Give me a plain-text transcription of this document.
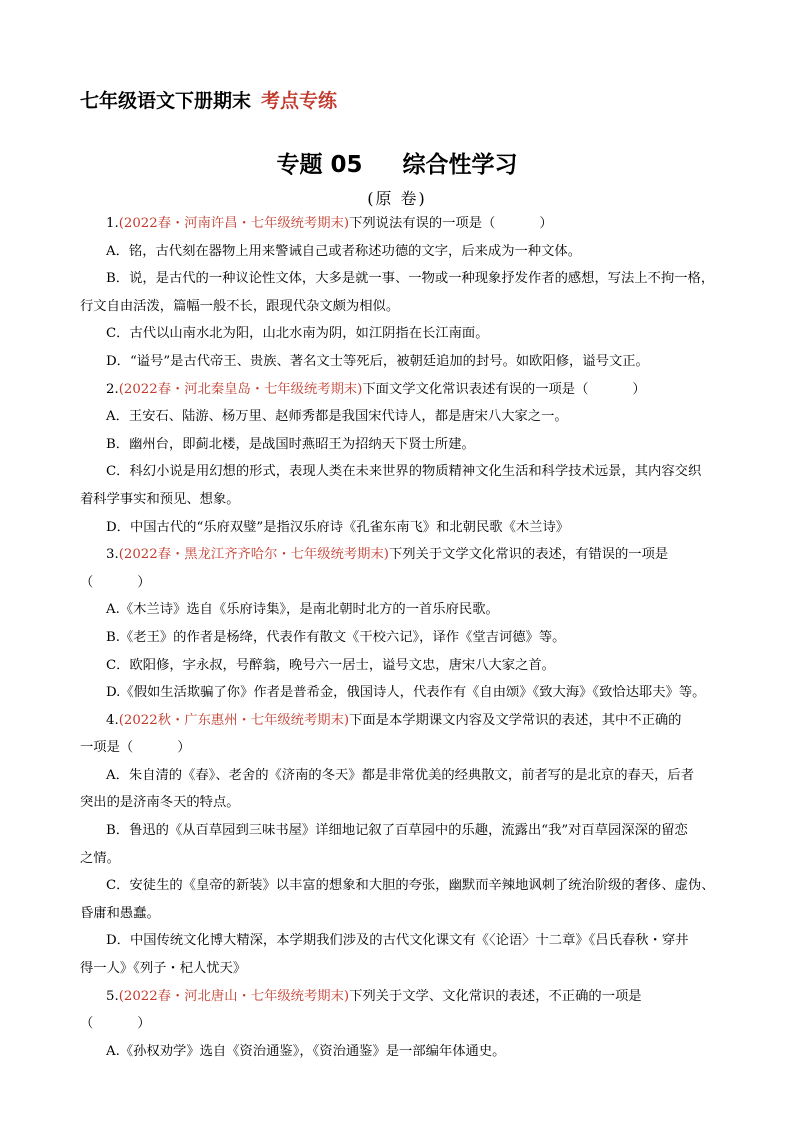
七年级语文下册期末 考点专练
专题 05 综合性学习
(原 卷)
1.(2022春・河南许昌・七年级统考期末)下列说法有误的一项是（	）
A．铭，古代刻在器物上用来警诫自己或者称述功德的文字，后来成为一种文体。
B．说，是古代的一种议论性文体，大多是就一事、一物或一种现象抒发作者的感想，写法上不拘一格，
行文自由活泼，篇幅一般不长，跟现代杂文颇为相似。
C．古代以山南水北为阳，山北水南为阴，如江阴指在长江南面。
D．“谥号”是古代帝王、贵族、著名文士等死后，被朝廷追加的封号。如欧阳修，谥号文正。
2.(2022春・河北秦皇岛・七年级统考期末)下面文学文化常识表述有误的一项是（	）
A．王安石、陆游、杨万里、赵师秀都是我国宋代诗人，都是唐宋八大家之一。
B．幽州台，即蓟北楼，是战国时燕昭王为招纳天下贤士所建。
C．科幻小说是用幻想的形式，表现人类在未来世界的物质精神文化生活和科学技术远景，其内容交织
着科学事实和预见、想象。
D．中国古代的“乐府双璧”是指汉乐府诗《孔雀东南飞》和北朝民歌《木兰诗》
3.(2022春・黑龙江齐齐哈尔・七年级统考期末)下列关于文学文化常识的表述，有错误的一项是
（	）
A.《木兰诗》选自《乐府诗集》，是南北朝时北方的一首乐府民歌。
B.《老王》的作者是杨绛，代表作有散文《干校六记》，译作《堂吉诃德》等。
C．欧阳修，字永叔，号醉翁，晚号六一居士，谥号文忠，唐宋八大家之首。
D.《假如生活欺骗了你》作者是普希金，俄国诗人，代表作有《自由颂》《致大海》《致恰达耶夫》等。
4.(2022秋・广东惠州・七年级统考期末)下面是本学期课文内容及文学常识的表述，其中不正确的
一项是（	）
A．朱自清的《春》、老舍的《济南的冬天》都是非常优美的经典散文，前者写的是北京的春天，后者
突出的是济南冬天的特点。
B．鲁迅的《从百草园到三味书屋》详细地记叙了百草园中的乐趣，流露出“我”对百草园深深的留恋
之情。
C．安徒生的《皇帝的新装》以丰富的想象和大胆的夸张，幽默而辛辣地讽刺了统治阶级的奢侈、虚伪、
昏庸和愚蠢。
D．中国传统文化博大精深，本学期我们涉及的古代文化课文有《〈论语〉十二章》《吕氏春秋・穿井
得一人》《列子・杞人忧天》
5.(2022春・河北唐山・七年级统考期末)下列关于文学、文化常识的表述，不正确的一项是
（	）
A.《孙权劝学》选自《资治通鉴》，《资治通鉴》是一部编年体通史。
